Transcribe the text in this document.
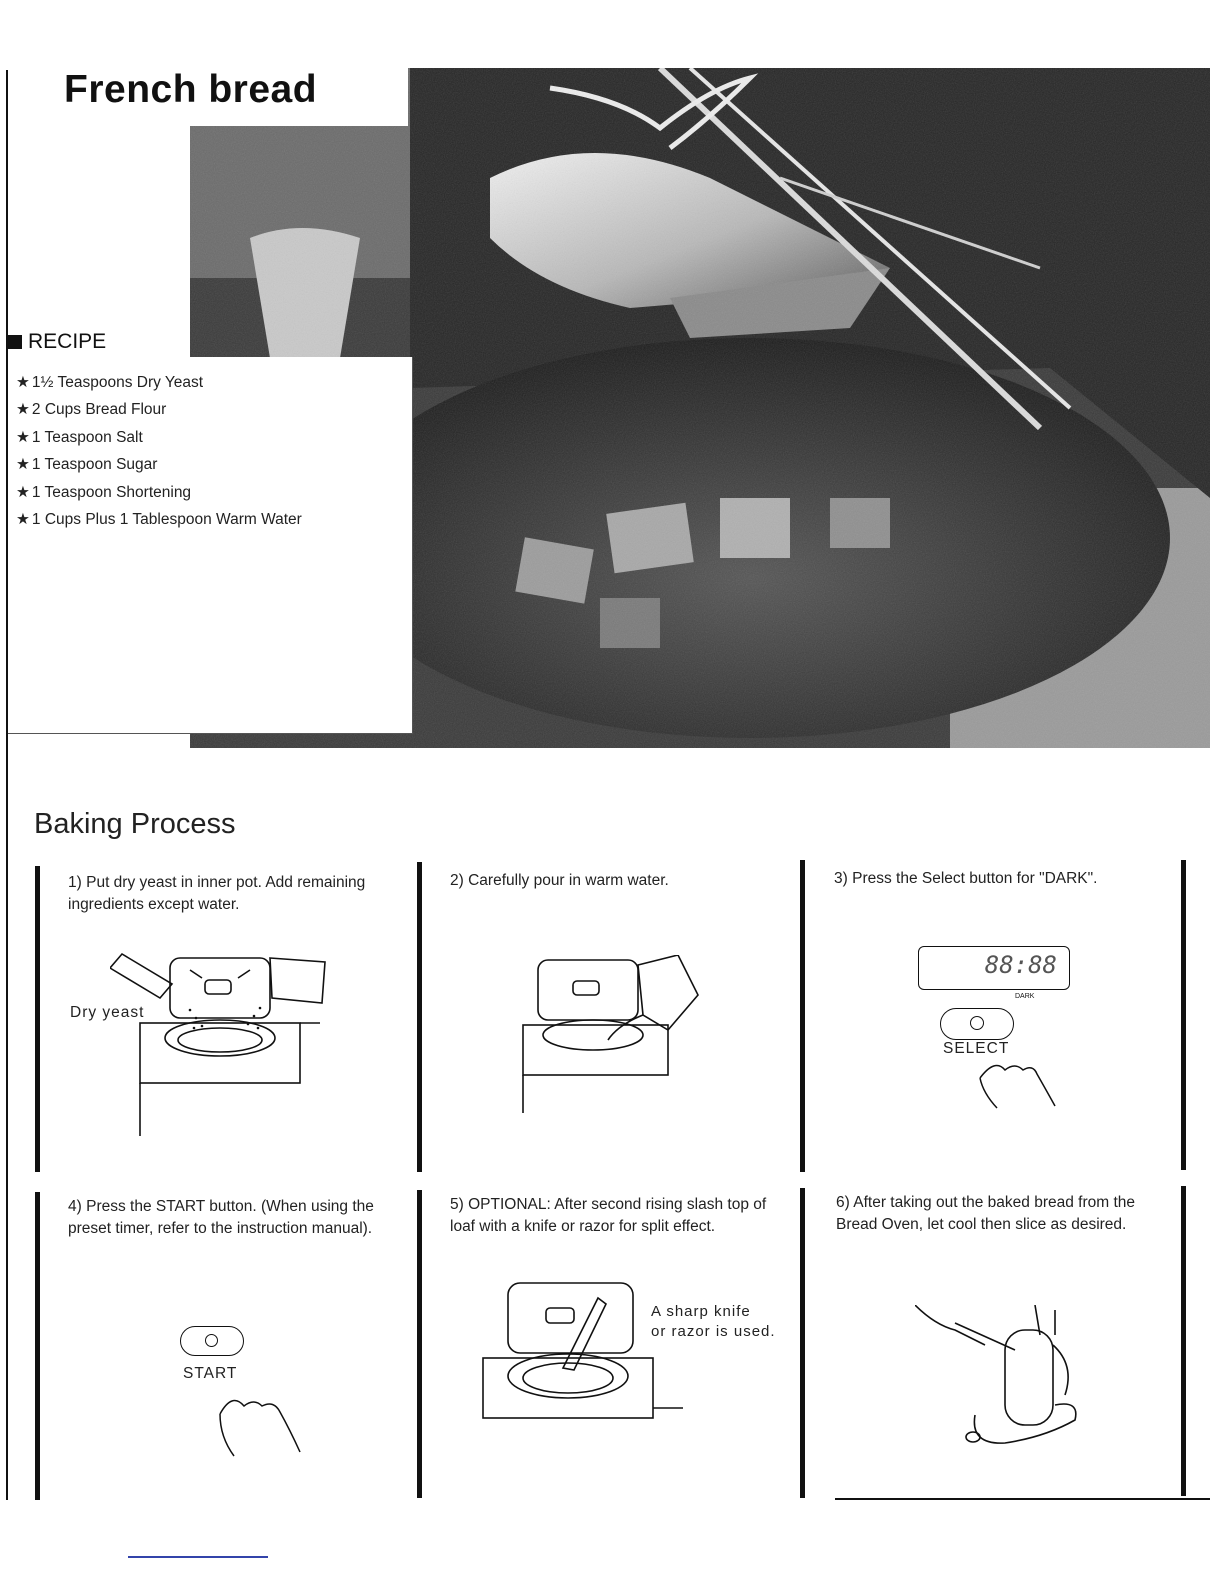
French bread
RECIPE
★ 1½ Teaspoons Dry Yeast
★ 2 Cups Bread Flour
★ 1 Teaspoon Salt
★ 1 Teaspoon Sugar
★ 1 Teaspoon Shortening
★ 1 Cups Plus 1 Tablespoon Warm Water
Baking Process
1) Put dry yeast in inner pot. Add remaining ingredients except water.
Dry yeast
2) Carefully pour in warm water.	3) Press the Select button for "DARK".
88:88
DARK
SELECT
4) Press the START button. (When using the preset timer, refer to the instruction manual).
START
5) OPTIONAL: After second rising slash top of loaf with a knife or razor for split effect.
A sharp knife
or razor is used.
6) After taking out the baked bread from the Bread Oven, let cool then slice as desired.
